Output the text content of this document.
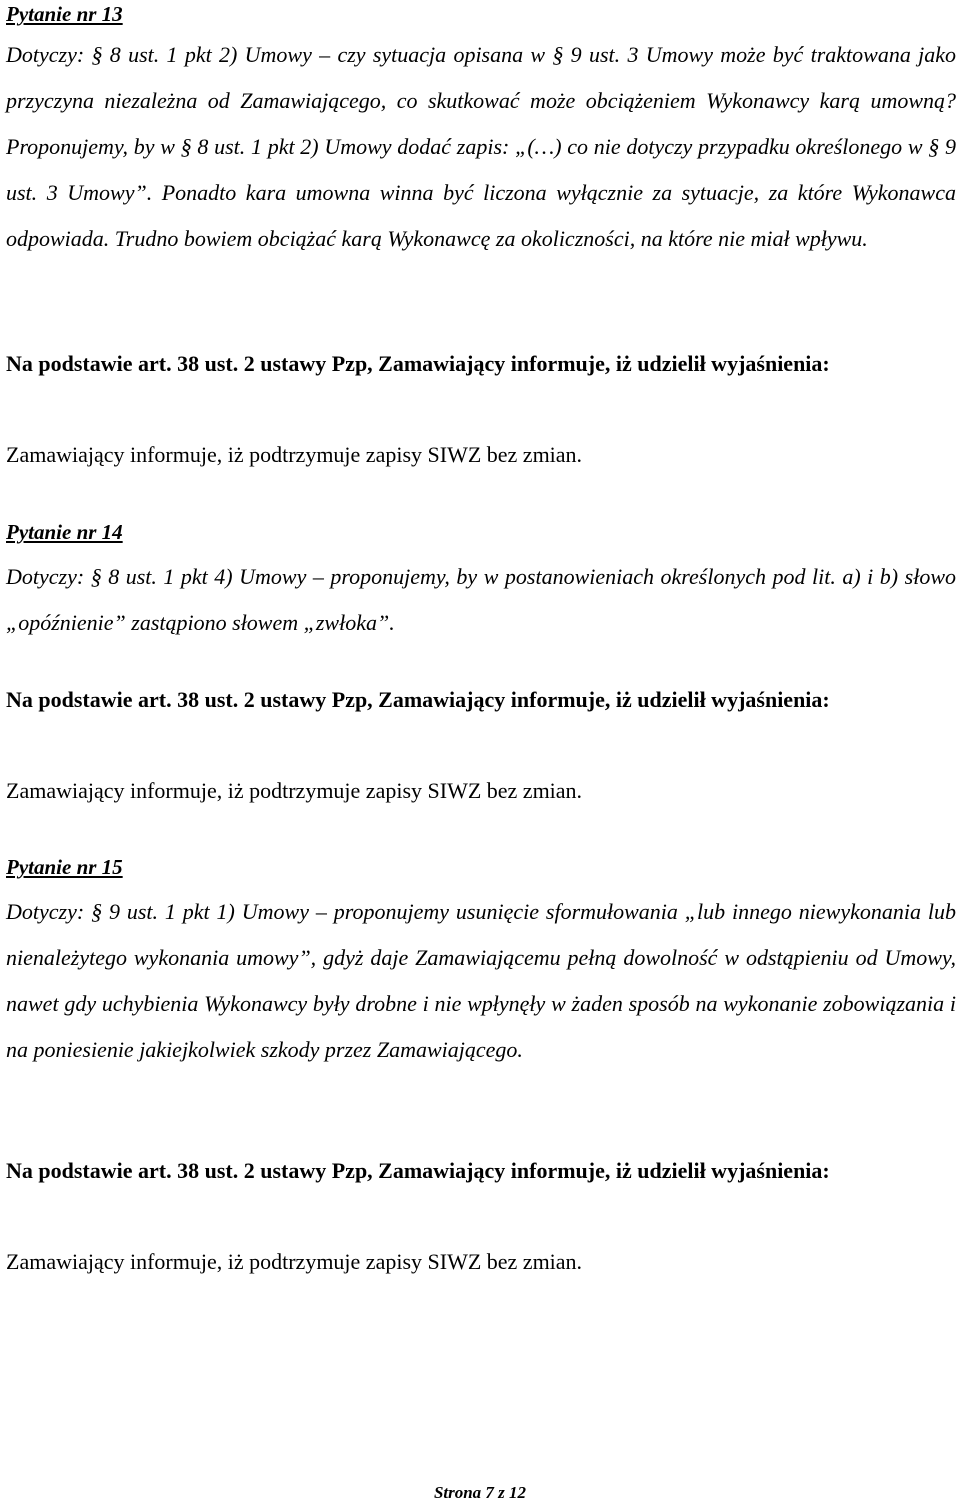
Pytanie nr 13

Dotyczy: § 8 ust. 1 pkt 2) Umowy – czy sytuacja opisana w § 9 ust. 3 Umowy może być traktowana jako przyczyna niezależna od Zamawiającego, co skutkować może obciążeniem Wykonawcy karą umowną? Proponujemy, by w § 8 ust. 1 pkt 2) Umowy dodać zapis: „(…) co nie dotyczy przypadku określonego w § 9 ust. 3 Umowy”. Ponadto kara umowna winna być liczona wyłącznie za sytuacje, za które Wykonawca odpowiada. Trudno bowiem obciążać karą Wykonawcę za okoliczności, na które nie miał wpływu.

Na podstawie art. 38 ust. 2 ustawy Pzp, Zamawiający informuje, iż udzielił wyjaśnienia:

Zamawiający informuje, iż podtrzymuje zapisy SIWZ bez zmian.

Pytanie nr 14

Dotyczy: § 8 ust. 1 pkt 4) Umowy – proponujemy, by w postanowieniach określonych pod lit. a) i b) słowo „opóźnienie” zastąpiono słowem „zwłoka”.

Na podstawie art. 38 ust. 2 ustawy Pzp, Zamawiający informuje, iż udzielił wyjaśnienia:

Zamawiający informuje, iż podtrzymuje zapisy SIWZ bez zmian.

Pytanie nr 15

Dotyczy: § 9 ust. 1 pkt 1) Umowy – proponujemy usunięcie sformułowania „lub innego niewykonania lub nienależytego wykonania umowy”, gdyż daje Zamawiającemu pełną dowolność w odstąpieniu od Umowy, nawet gdy uchybienia Wykonawcy były drobne i nie wpłynęły w żaden sposób na wykonanie zobowiązania i na poniesienie jakiejkolwiek szkody przez Zamawiającego.

Na podstawie art. 38 ust. 2 ustawy Pzp, Zamawiający informuje, iż udzielił wyjaśnienia:

Zamawiający informuje, iż podtrzymuje zapisy SIWZ bez zmian.

Strona 7 z 12
